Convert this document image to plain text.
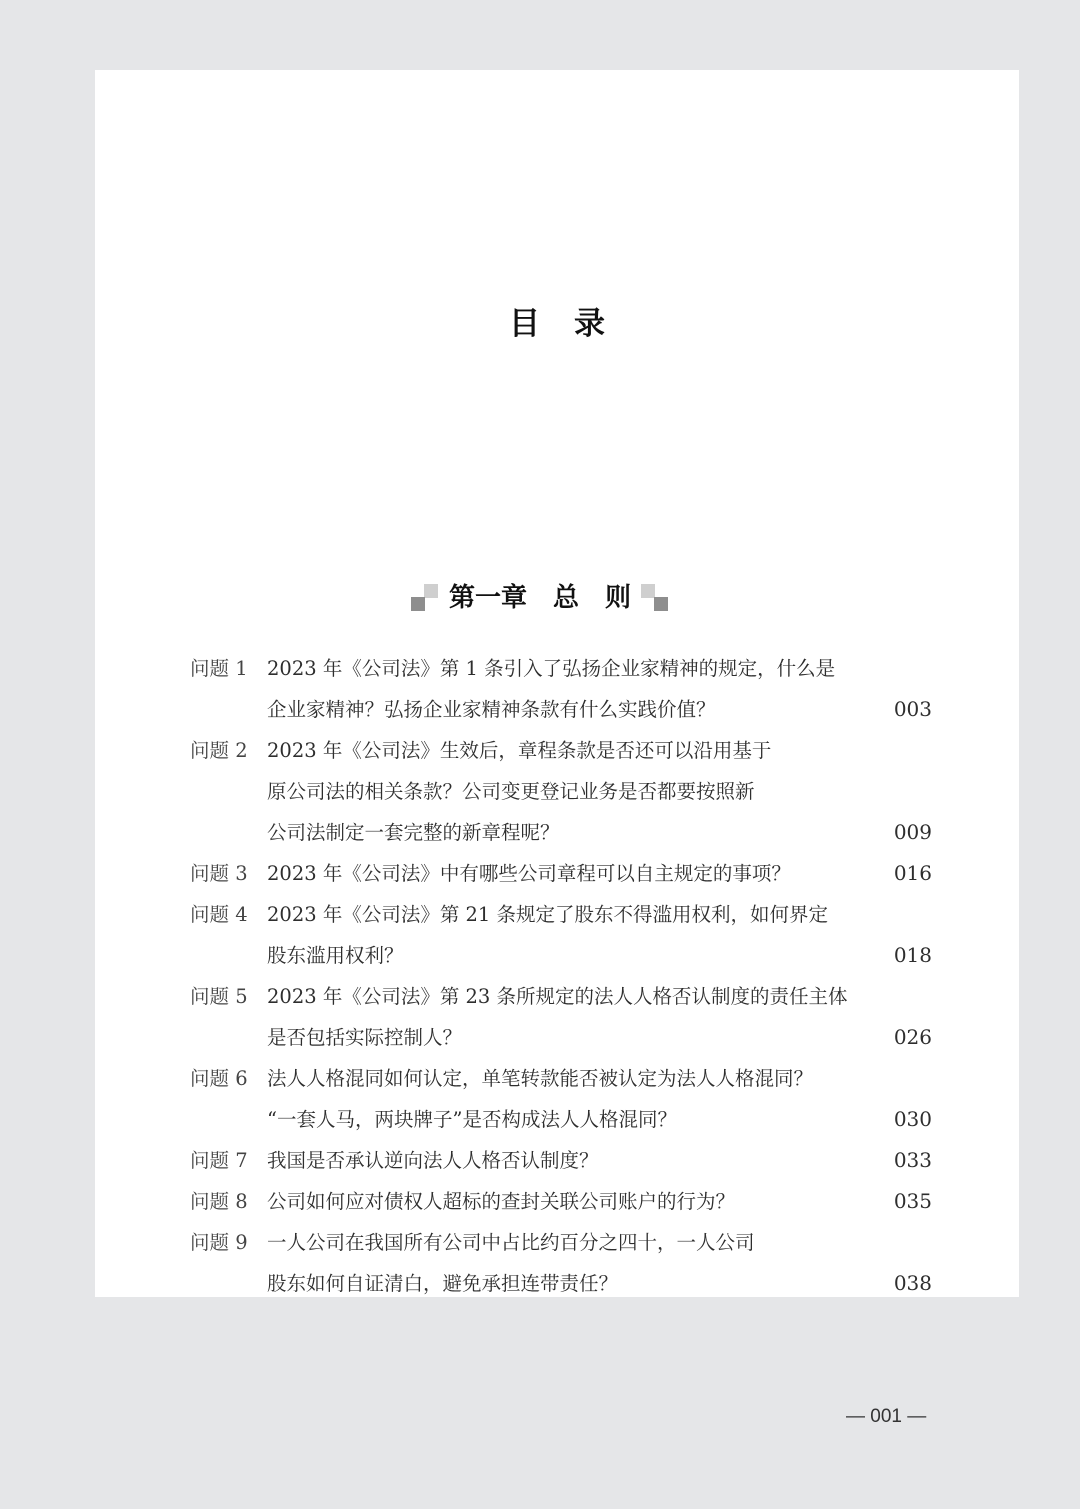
目录
第一章　总　则
问题 1 2023 年《公司法》第 1 条引入了弘扬企业家精神的规定，什么是
企业家精神？弘扬企业家精神条款有什么实践价值？	003
问题 2 2023 年《公司法》生效后，章程条款是否还可以沿用基于
原公司法的相关条款？公司变更登记业务是否都要按照新
公司法制定一套完整的新章程呢？	009
问题 3 2023 年《公司法》中有哪些公司章程可以自主规定的事项？	016
问题 4 2023 年《公司法》第 21 条规定了股东不得滥用权利，如何界定
股东滥用权利？	018
问题 5 2023 年《公司法》第 23 条所规定的法人人格否认制度的责任主体
是否包括实际控制人？	026
问题 6 法人人格混同如何认定，单笔转款能否被认定为法人人格混同？
“一套人马，两块牌子”是否构成法人人格混同？	030
问题 7 我国是否承认逆向法人人格否认制度？	033
问题 8 公司如何应对债权人超标的查封关联公司账户的行为？	035
问题 9 一人公司在我国所有公司中占比约百分之四十，一人公司
股东如何自证清白，避免承担连带责任？	038
— 001 —
